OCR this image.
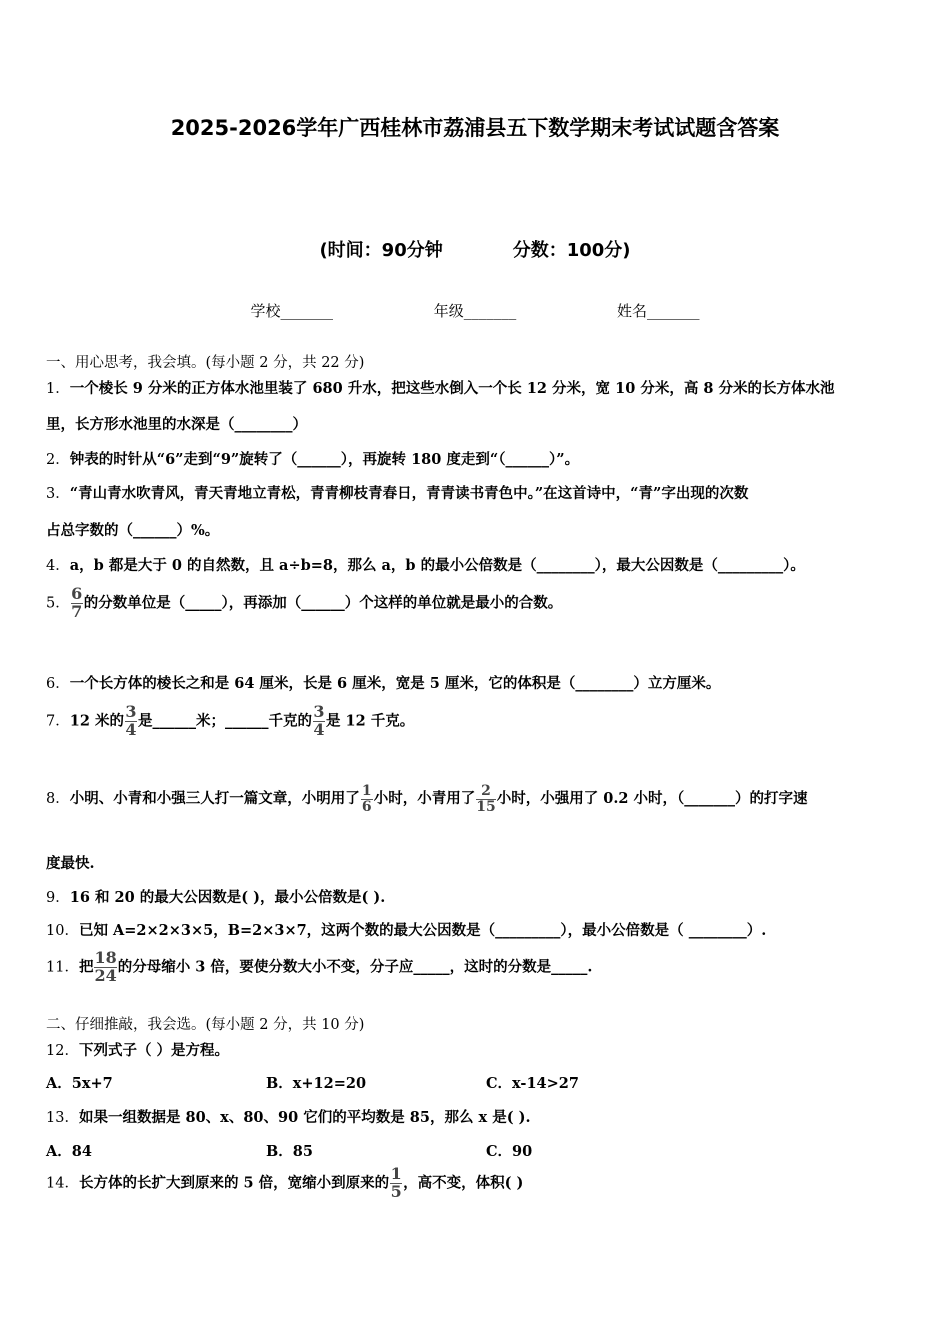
2025-2026学年广西桂林市荔浦县五下数学期末考试试题含答案
(时间：90分钟	分数：100分)
学校_______	年级_______	姓名_______
一、用心思考，我会填。(每小题 2 分，共 22 分)
1．一个棱长 9 分米的正方体水池里装了 680 升水，把这些水倒入一个长 12 分米，宽 10 分米，高 8 分米的长方体水池
里，长方形水池里的水深是（________）
2．钟表的时针从“6”走到“9”旋转了（______），再旋转 180 度走到“（______）”。
3．“青山青水吹青风，青天青地立青松，青青柳枝青春日，青青读书青色中。”在这首诗中，“青”字出现的次数
占总字数的（______）%。
4．a，b 都是大于 0 的自然数，且 a÷b=8，那么 a，b 的最小公倍数是（________），最大公因数是（_________）。
5． $\frac{6}{7}$ 的分数单位是（_____），再添加（______）个这样的单位就是最小的合数。
6．一个长方体的棱长之和是 64 厘米，长是 6 厘米，宽是 5 厘米，它的体积是（________）立方厘米。
7．12 米的 $\frac{3}{4}$ 是______米；______千克的 $\frac{3}{4}$ 是 12 千克。
8．小明、小青和小强三人打一篇文章，小明用了 $\frac{1}{6}$ 小时，小青用了 $\frac{2}{15}$ 小时，小强用了 0.2 小时，（_______）的打字速
度最快.
9．16 和 20 的最大公因数是( )，最小公倍数是( ).
10．已知 A=2×2×3×5，B=2×3×7，这两个数的最大公因数是（_________），最小公倍数是（ ________）.
11．把 $\frac{18}{24}$ 的分母缩小 3 倍，要使分数大小不变，分子应_____，这时的分数是_____.
二、仔细推敲，我会选。(每小题 2 分，共 10 分)
12．下列式子（ ）是方程。
A．5x+7	B．x+12=20	C．x-14>27
13．如果一组数据是 80、x、80、90 它们的平均数是 85，那么 x 是( ).
A．84	B．85	C．90
14．长方体的长扩大到原来的 5 倍，宽缩小到原来的 $\frac{1}{5}$ ，高不变，体积( )
